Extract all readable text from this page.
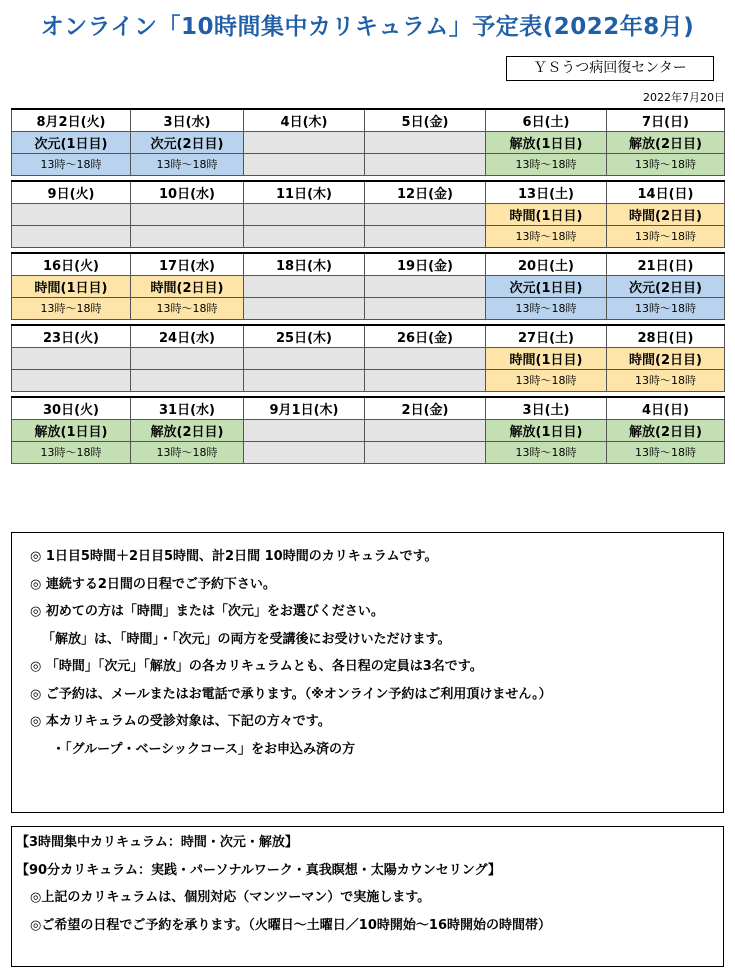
オンライン「10時間集中カリキュラム」予定表(2022年8月)
ＹＳうつ病回復センター
2022年7月20日
8月2日(火)	3日(水)	4日(木)	5日(金)	6日(土)	7日(日)
次元(1日目)	次元(2日目)			解放(1日目)	解放(2日目)
13時～18時	13時～18時			13時～18時	13時～18時

9日(火)	10日(水)	11日(木)	12日(金)	13日(土)	14日(日)
				時間(1日目)	時間(2日目)
				13時～18時	13時～18時

16日(火)	17日(水)	18日(木)	19日(金)	20日(土)	21日(日)
時間(1日目)	時間(2日目)			次元(1日目)	次元(2日目)
13時～18時	13時～18時			13時～18時	13時～18時

23日(火)	24日(水)	25日(木)	26日(金)	27日(土)	28日(日)
				時間(1日目)	時間(2日目)
				13時～18時	13時～18時

30日(火)	31日(水)	9月1日(木)	2日(金)	3日(土)	4日(日)
解放(1日目)	解放(2日目)			解放(1日目)	解放(2日目)
13時～18時	13時～18時			13時～18時	13時～18時
◎ 1日目5時間＋2日目5時間、計2日間 10時間のカリキュラムです。
◎ 連続する2日間の日程でご予約下さい。
◎ 初めての方は「時間」または「次元」をお選びください。
「解放」は、「時間」・「次元」の両方を受講後にお受けいただけます。
◎ 「時間」「次元」「解放」の各カリキュラムとも、各日程の定員は3名です。
◎ ご予約は、メールまたはお電話で承ります。（※オンライン予約はご利用頂けません。）
◎ 本カリキュラムの受診対象は、下記の方々です。
・「グループ・ベーシックコース」をお申込み済の方
【3時間集中カリキュラム：時間・次元・解放】
【90分カリキュラム：実践・パーソナルワーク・真我瞑想・太陽カウンセリング】
◎上記のカリキュラムは、個別対応（マンツーマン）で実施します。
◎ご希望の日程でご予約を承ります。（火曜日～土曜日／10時開始～16時開始の時間帯）
